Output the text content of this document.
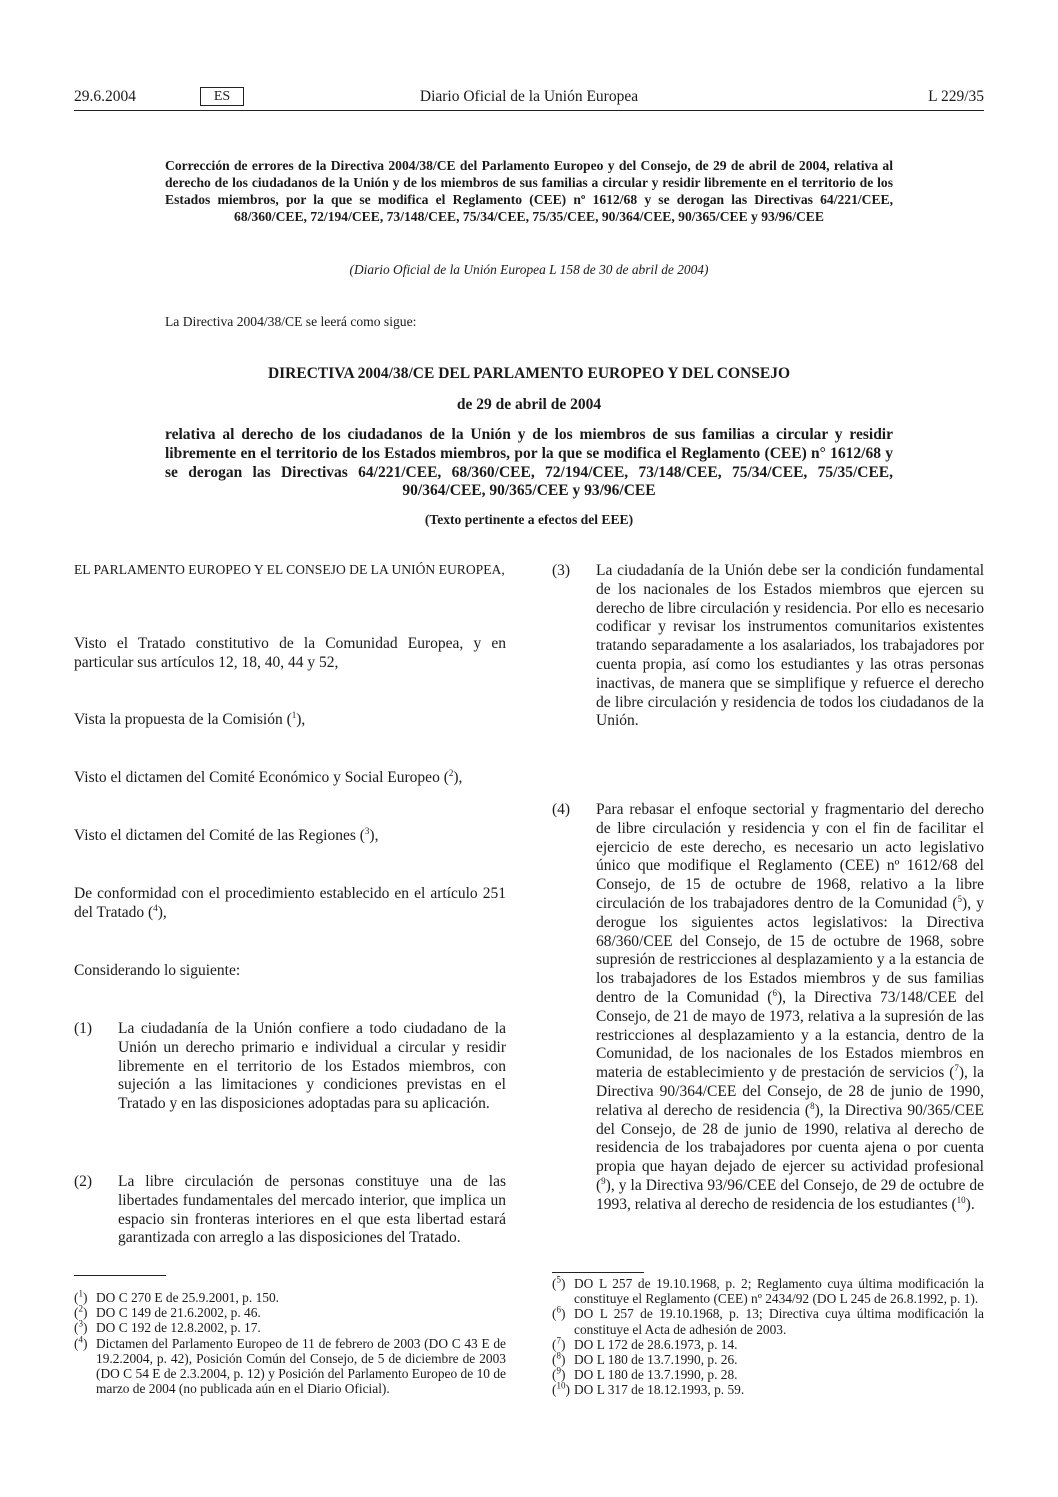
29.6.2004	ES	Diario Oficial de la Unión Europea	L 229/35
Corrección de errores de la Directiva 2004/38/CE del Parlamento Europeo y del Consejo, de 29 de abril de 2004, relativa al derecho de los ciudadanos de la Unión y de los miembros de sus familias a circular y residir libremente en el territorio de los Estados miembros, por la que se modifica el Reglamento (CEE) nº 1612/68 y se derogan las Directivas 64/221/CEE, 68/360/CEE, 72/194/CEE, 73/148/CEE, 75/34/CEE, 75/35/CEE, 90/364/CEE, 90/365/CEE y 93/96/CEE
(Diario Oficial de la Unión Europea L 158 de 30 de abril de 2004)
La Directiva 2004/38/CE se leerá como sigue:
DIRECTIVA 2004/38/CE DEL PARLAMENTO EUROPEO Y DEL CONSEJO
de 29 de abril de 2004
relativa al derecho de los ciudadanos de la Unión y de los miembros de sus familias a circular y residir libremente en el territorio de los Estados miembros, por la que se modifica el Reglamento (CEE) n° 1612/68 y se derogan las Directivas 64/221/CEE, 68/360/CEE, 72/194/CEE, 73/148/CEE, 75/34/CEE, 75/35/CEE, 90/364/CEE, 90/365/CEE y 93/96/CEE
(Texto pertinente a efectos del EEE)
EL PARLAMENTO EUROPEO Y EL CONSEJO DE LA UNIÓN EUROPEA,
Visto el Tratado constitutivo de la Comunidad Europea, y en particular sus artículos 12, 18, 40, 44 y 52,
Vista la propuesta de la Comisión ($^1$),
Visto el dictamen del Comité Económico y Social Europeo ($^2$),
Visto el dictamen del Comité de las Regiones ($^3$),
De conformidad con el procedimiento establecido en el artículo 251 del Tratado ($^4$),
Considerando lo siguiente:
(1) La ciudadanía de la Unión confiere a todo ciudadano de la Unión un derecho primario e individual a circular y residir libremente en el territorio de los Estados miembros, con sujeción a las limitaciones y condiciones previstas en el Tratado y en las disposiciones adoptadas para su aplicación.
(2) La libre circulación de personas constituye una de las libertades fundamentales del mercado interior, que implica un espacio sin fronteras interiores en el que esta libertad estará garantizada con arreglo a las disposiciones del Tratado.
($^1$) DO C 270 E de 25.9.2001, p. 150.
($^2$) DO C 149 de 21.6.2002, p. 46.
($^3$) DO C 192 de 12.8.2002, p. 17.
($^4$) Dictamen del Parlamento Europeo de 11 de febrero de 2003 (DO C 43 E de 19.2.2004, p. 42), Posición Común del Consejo, de 5 de diciembre de 2003 (DO C 54 E de 2.3.2004, p. 12) y Posición del Parlamento Europeo de 10 de marzo de 2004 (no publicada aún en el Diario Oficial).
(3) La ciudadanía de la Unión debe ser la condición fundamental de los nacionales de los Estados miembros que ejercen su derecho de libre circulación y residencia. Por ello es necesario codificar y revisar los instrumentos comunitarios existentes tratando separadamente a los asalariados, los trabajadores por cuenta propia, así como los estudiantes y las otras personas inactivas, de manera que se simplifique y refuerce el derecho de libre circulación y residencia de todos los ciudadanos de la Unión.
(4) Para rebasar el enfoque sectorial y fragmentario del derecho de libre circulación y residencia y con el fin de facilitar el ejercicio de este derecho, es necesario un acto legislativo único que modifique el Reglamento (CEE) nº 1612/68 del Consejo, de 15 de octubre de 1968, relativo a la libre circulación de los trabajadores dentro de la Comunidad ($^5$), y derogue los siguientes actos legislativos: la Directiva 68/360/CEE del Consejo, de 15 de octubre de 1968, sobre supresión de restricciones al desplazamiento y a la estancia de los trabajadores de los Estados miembros y de sus familias dentro de la Comunidad ($^6$), la Directiva 73/148/CEE del Consejo, de 21 de mayo de 1973, relativa a la supresión de las restricciones al desplazamiento y a la estancia, dentro de la Comunidad, de los nacionales de los Estados miembros en materia de establecimiento y de prestación de servicios ($^7$), la Directiva 90/364/CEE del Consejo, de 28 de junio de 1990, relativa al derecho de residencia ($^8$), la Directiva 90/365/CEE del Consejo, de 28 de junio de 1990, relativa al derecho de residencia de los trabajadores por cuenta ajena o por cuenta propia que hayan dejado de ejercer su actividad profesional ($^9$), y la Directiva 93/96/CEE del Consejo, de 29 de octubre de 1993, relativa al derecho de residencia de los estudiantes ($^{10}$).
($^5$) DO L 257 de 19.10.1968, p. 2; Reglamento cuya última modificación la constituye el Reglamento (CEE) nº 2434/92 (DO L 245 de 26.8.1992, p. 1).
($^6$) DO L 257 de 19.10.1968, p. 13; Directiva cuya última modificación la constituye el Acta de adhesión de 2003.
($^7$) DO L 172 de 28.6.1973, p. 14.
($^8$) DO L 180 de 13.7.1990, p. 26.
($^9$) DO L 180 de 13.7.1990, p. 28.
($^{10}$) DO L 317 de 18.12.1993, p. 59.
